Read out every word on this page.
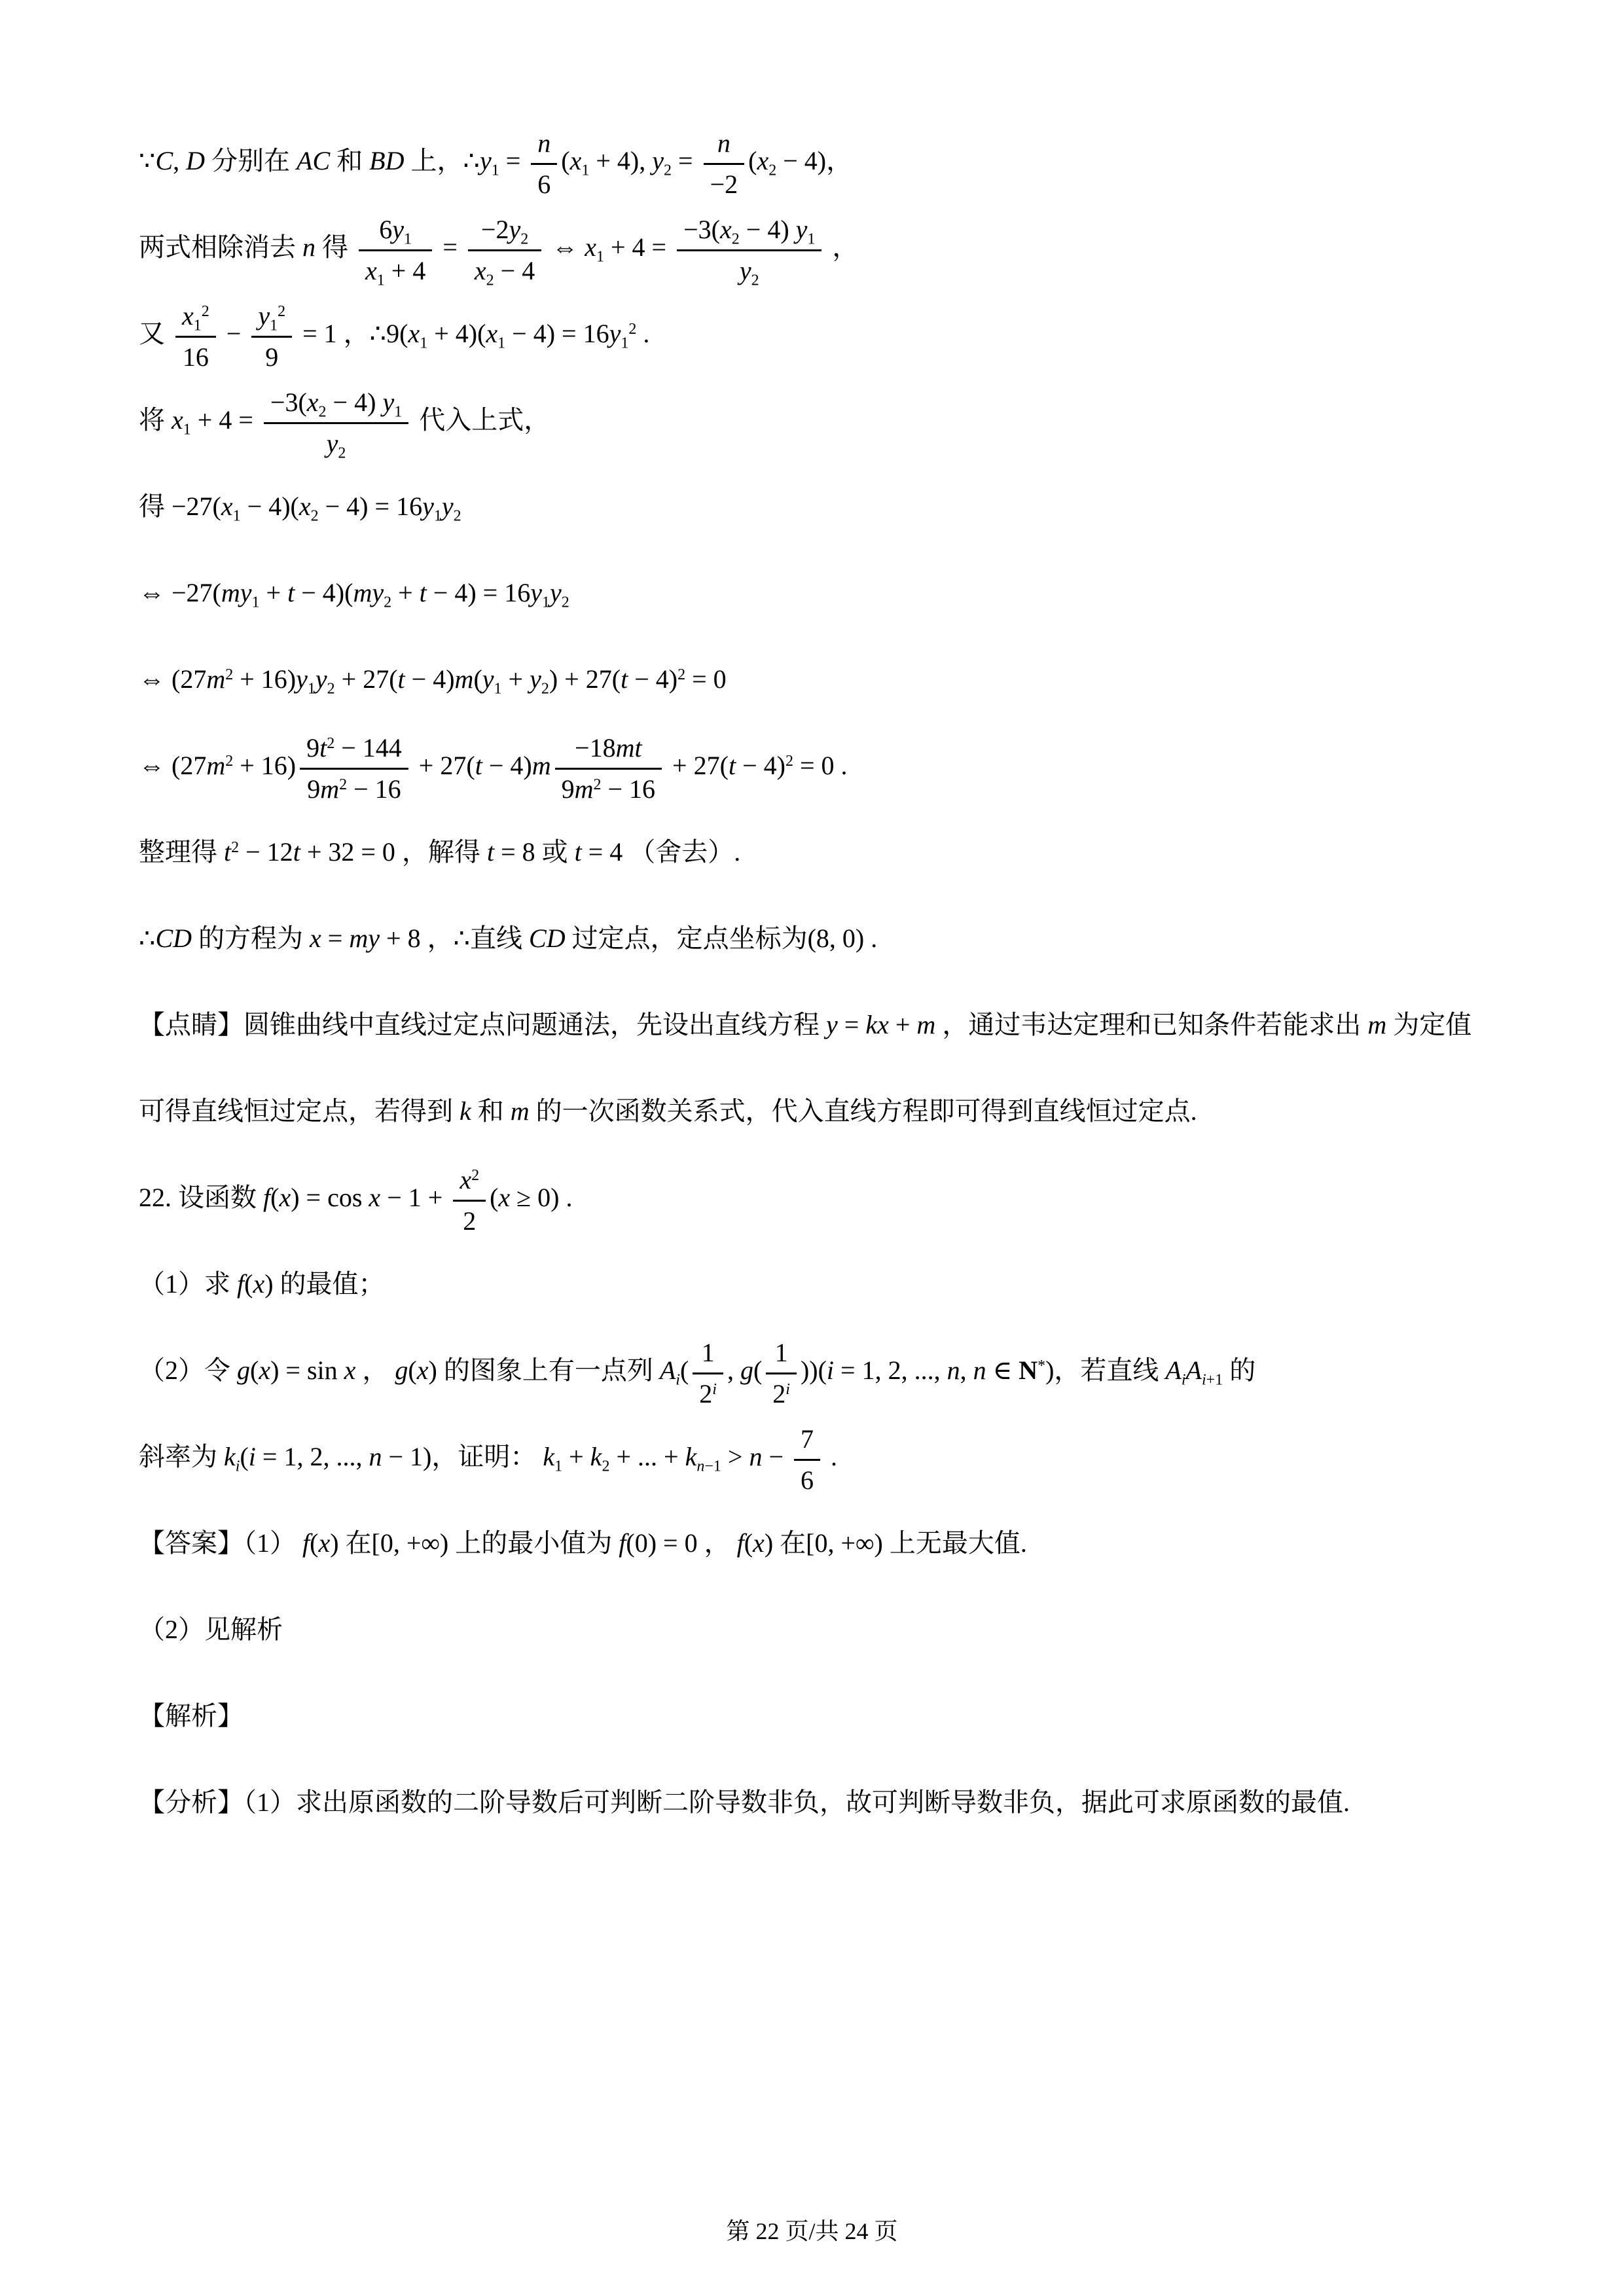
∵C, D 分别在 AC 和 BD 上，$\therefore y_1 = \frac{n}{6} (x_1 + 4)$, $y_2 = \frac{n}{-2} (x_2 - 4)$，

两式相除消去 n 得 $\frac{6y_1}{x_1 + 4} = \frac{-2y_2}{x_2 - 4}$ ⇔ $x_1 + 4 = \frac{-3(x_2 - 4) y_1}{y_2}$ ，

又 $\frac{x_1^2}{16} - \frac{y_1^2}{9} = 1$ ，$\therefore 9(x_1 + 4)(x_1 - 4) = 16y_1^2$ .

将 $x_1 + 4 = \frac{-3(x_2 - 4) y_1}{y_2}$ 代入上式，

得 $-27(x_1 - 4)(x_2 - 4) = 16y_1y_2$

⇔ $-27(my_1 + t - 4)(my_2 + t - 4) = 16y_1y_2$

⇔ $(27m^2 + 16)y_1y_2 + 27(t - 4)m(y_1 + y_2) + 27(t - 4)^2 = 0$

⇔ $(27m^2 + 16) \frac{9t^2 - 144}{9m^2 - 16} + 27(t - 4)m \frac{-18mt}{9m^2 - 16} + 27(t - 4)^2 = 0$ .

整理得 $t^2 - 12t + 32 = 0$ ，解得 t = 8 或 t = 4 （舍去）.

∴CD 的方程为 x = my + 8 ，∴直线 CD 过定点，定点坐标为(8, 0) .

【点睛】圆锥曲线中直线过定点问题通法，先设出直线方程 y = kx + m ，通过韦达定理和已知条件若能求出 m 为定值可得直线恒过定点，若得到 k 和 m 的一次函数关系式，代入直线方程即可得到直线恒过定点.

22. 设函数 $f(x) = \cos x - 1 + \frac{x^2}{2} (x \ge 0)$ .

（1）求 f(x) 的最值；

（2）令 g(x) = sin x ， g(x) 的图象上有一点列 $A_i( \frac{1}{2^i}$ , $g( \frac{1}{2^i} ))(i = 1$, 2, ..., n, n ∈ N*)，若直线 $A_iA_{i+1}$ 的

斜率为 $k_i(i = 1$, 2, ..., n − 1)，证明： $k_1 + k_2$ + ... + $k_{n-1} > n - \frac{7}{6}$ .

【答案】（1） f(x) 在[0, +∞) 上的最小值为 f(0) = 0 ， f(x) 在[0, +∞) 上无最大值.

（2）见解析

【解析】

【分析】（1）求出原函数的二阶导数后可判断二阶导数非负，故可判断导数非负，据此可求原函数的最值.

第 22 页/共 24 页
